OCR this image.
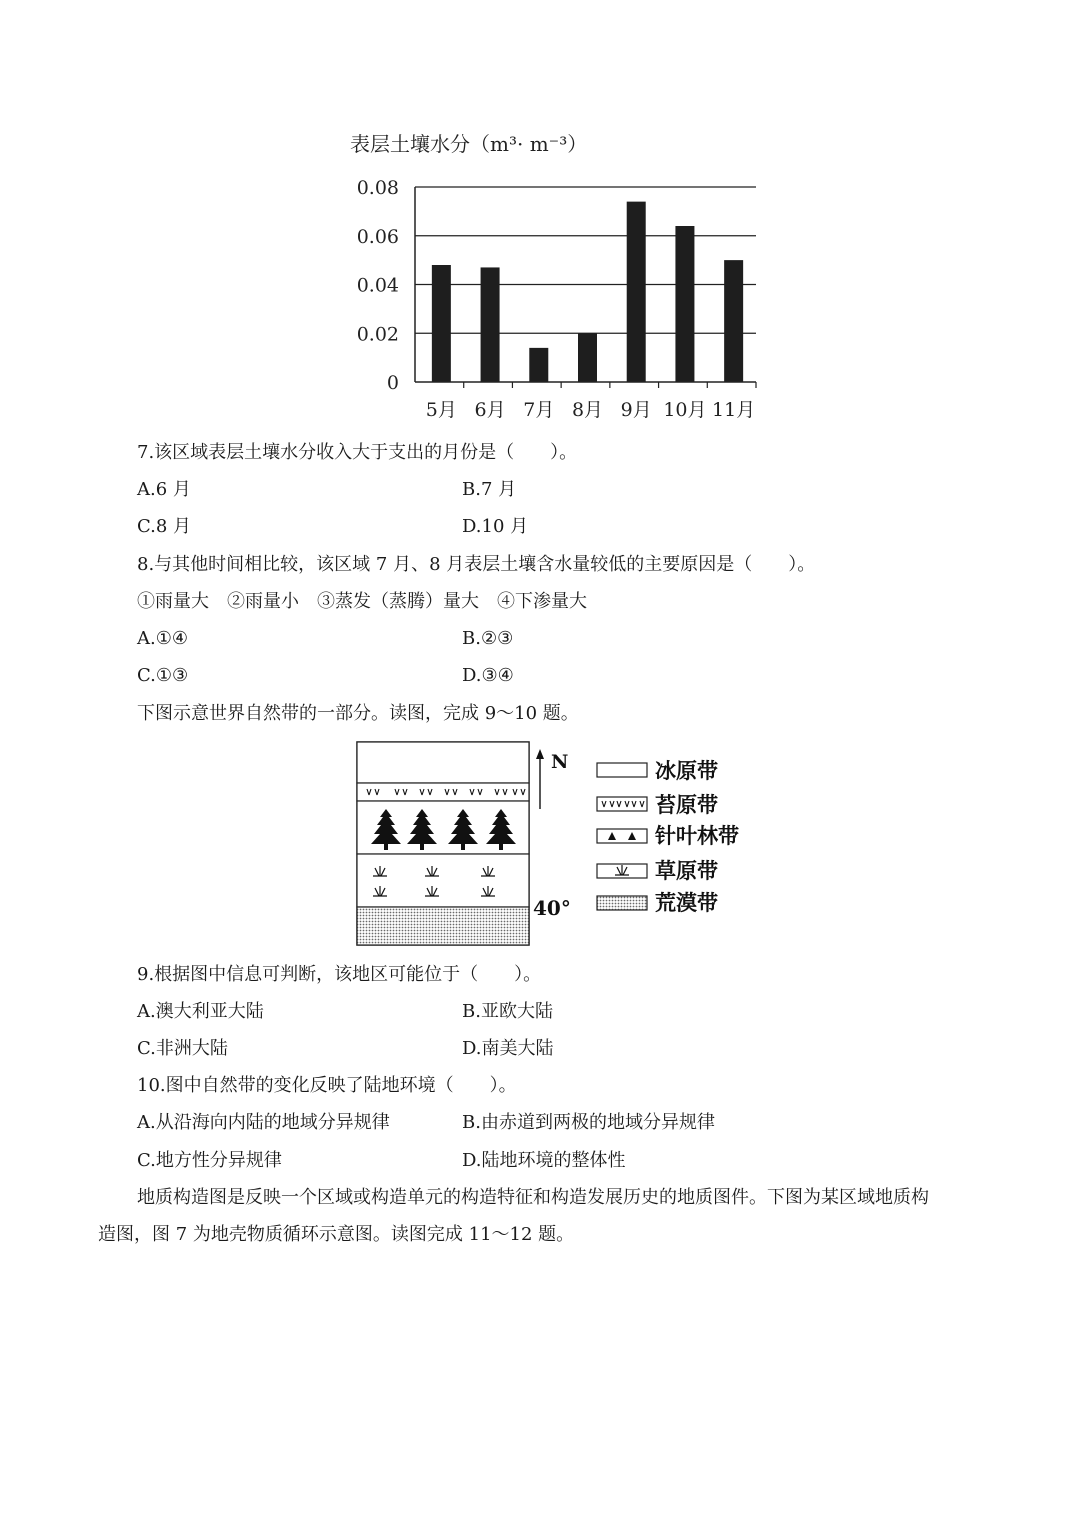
表层土壤水分（m³· m⁻³）
0
0.02
0.04
0.06
0.08
5月 6月 7月 8月 9月 10月 11月
7.该区域表层土壤水分收入大于支出的月份是（　　）。
A.6 月	B.7 月
C.8 月	D.10 月
8.与其他时间相比较，该区域 7 月、8 月表层土壤含水量较低的主要原因是（　　）。
①雨量大　②雨量小　③蒸发（蒸腾）量大　④下渗量大
A.①④	B.②③
C.①③	D.③④
下图示意世界自然带的一部分。读图，完成 9～10 题。
N
40°
冰原带
苔原带
针叶林带
草原带
荒漠带
9.根据图中信息可判断，该地区可能位于（　　）。
A.澳大利亚大陆	B.亚欧大陆
C.非洲大陆	D.南美大陆
10.图中自然带的变化反映了陆地环境（　　）。
A.从沿海向内陆的地域分异规律	B.由赤道到两极的地域分异规律
C.地方性分异规律	D.陆地环境的整体性
地质构造图是反映一个区域或构造单元的构造特征和构造发展历史的地质图件。下图为某区域地质构
造图，图 7 为地壳物质循环示意图。读图完成 11～12 题。
